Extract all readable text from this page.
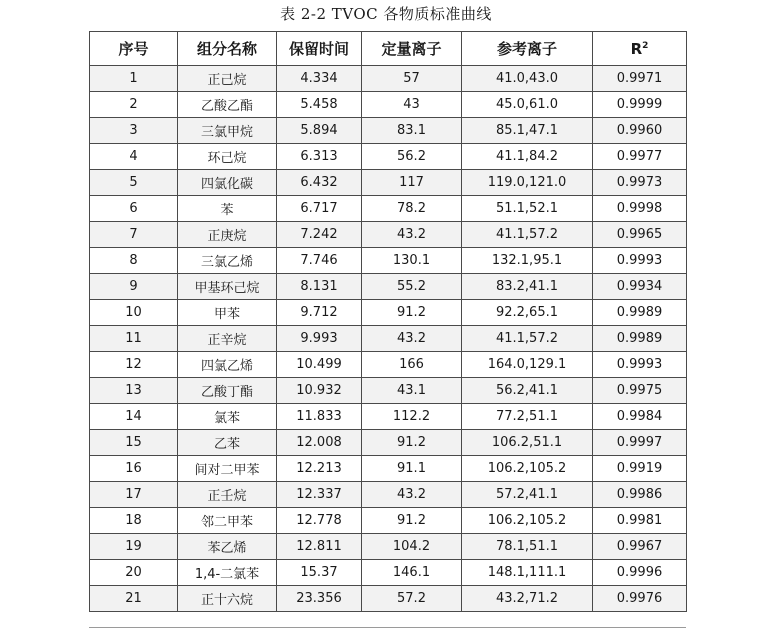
表 2-2 TVOC 各物质标准曲线
序号	组分名称	保留时间	定量离子	参考离子	$R^2$
1	正己烷	4.334	57	41.0,43.0	0.9971
2	乙酸乙酯	5.458	43	45.0,61.0	0.9999
3	三氯甲烷	5.894	83.1	85.1,47.1	0.9960
4	环己烷	6.313	56.2	41.1,84.2	0.9977
5	四氯化碳	6.432	117	119.0,121.0	0.9973
6	苯	6.717	78.2	51.1,52.1	0.9998
7	正庚烷	7.242	43.2	41.1,57.2	0.9965
8	三氯乙烯	7.746	130.1	132.1,95.1	0.9993
9	甲基环己烷	8.131	55.2	83.2,41.1	0.9934
10	甲苯	9.712	91.2	92.2,65.1	0.9989
11	正辛烷	9.993	43.2	41.1,57.2	0.9989
12	四氯乙烯	10.499	166	164.0,129.1	0.9993
13	乙酸丁酯	10.932	43.1	56.2,41.1	0.9975
14	氯苯	11.833	112.2	77.2,51.1	0.9984
15	乙苯	12.008	91.2	106.2,51.1	0.9997
16	间对二甲苯	12.213	91.1	106.2,105.2	0.9919
17	正壬烷	12.337	43.2	57.2,41.1	0.9986
18	邻二甲苯	12.778	91.2	106.2,105.2	0.9981
19	苯乙烯	12.811	104.2	78.1,51.1	0.9967
20	1,4-二氯苯	15.37	146.1	148.1,111.1	0.9996
21	正十六烷	23.356	57.2	43.2,71.2	0.9976
